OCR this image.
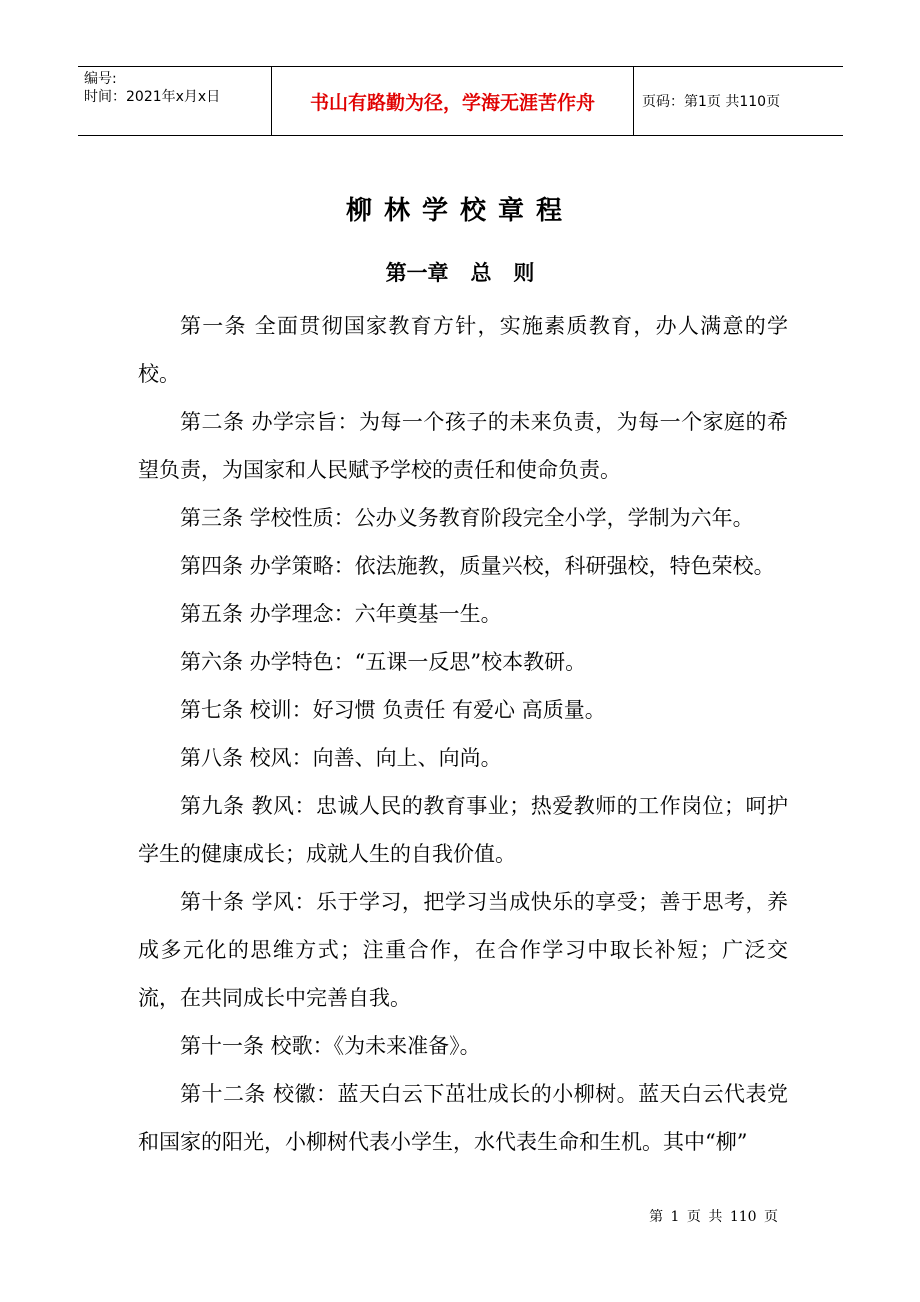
编号:
时间：2021年x月x日	书山有路勤为径，学海无涯苦作舟	页码：第1页 共110页
柳林学校章程
第一章   总   则

第一条 全面贯彻国家教育方针，实施素质教育，办人满意的学校。

第二条 办学宗旨：为每一个孩子的未来负责，为每一个家庭的希望负责，为国家和人民赋予学校的责任和使命负责。

第三条 学校性质：公办义务教育阶段完全小学，学制为六年。

第四条 办学策略：依法施教，质量兴校，科研强校，特色荣校。

第五条 办学理念：六年奠基一生。

第六条 办学特色：“五课一反思”校本教研。

第七条 校训：好习惯 负责任 有爱心 高质量。

第八条 校风：向善、向上、向尚。

第九条 教风：忠诚人民的教育事业；热爱教师的工作岗位；呵护学生的健康成长；成就人生的自我价值。

第十条 学风：乐于学习，把学习当成快乐的享受；善于思考，养成多元化的思维方式；注重合作，在合作学习中取长补短；广泛交流，在共同成长中完善自我。

第十一条 校歌：《为未来准备》。

第十二条 校徽：蓝天白云下茁壮成长的小柳树。蓝天白云代表党和国家的阳光，小柳树代表小学生，水代表生命和生机。其中“柳”

第 1 页 共 110 页
